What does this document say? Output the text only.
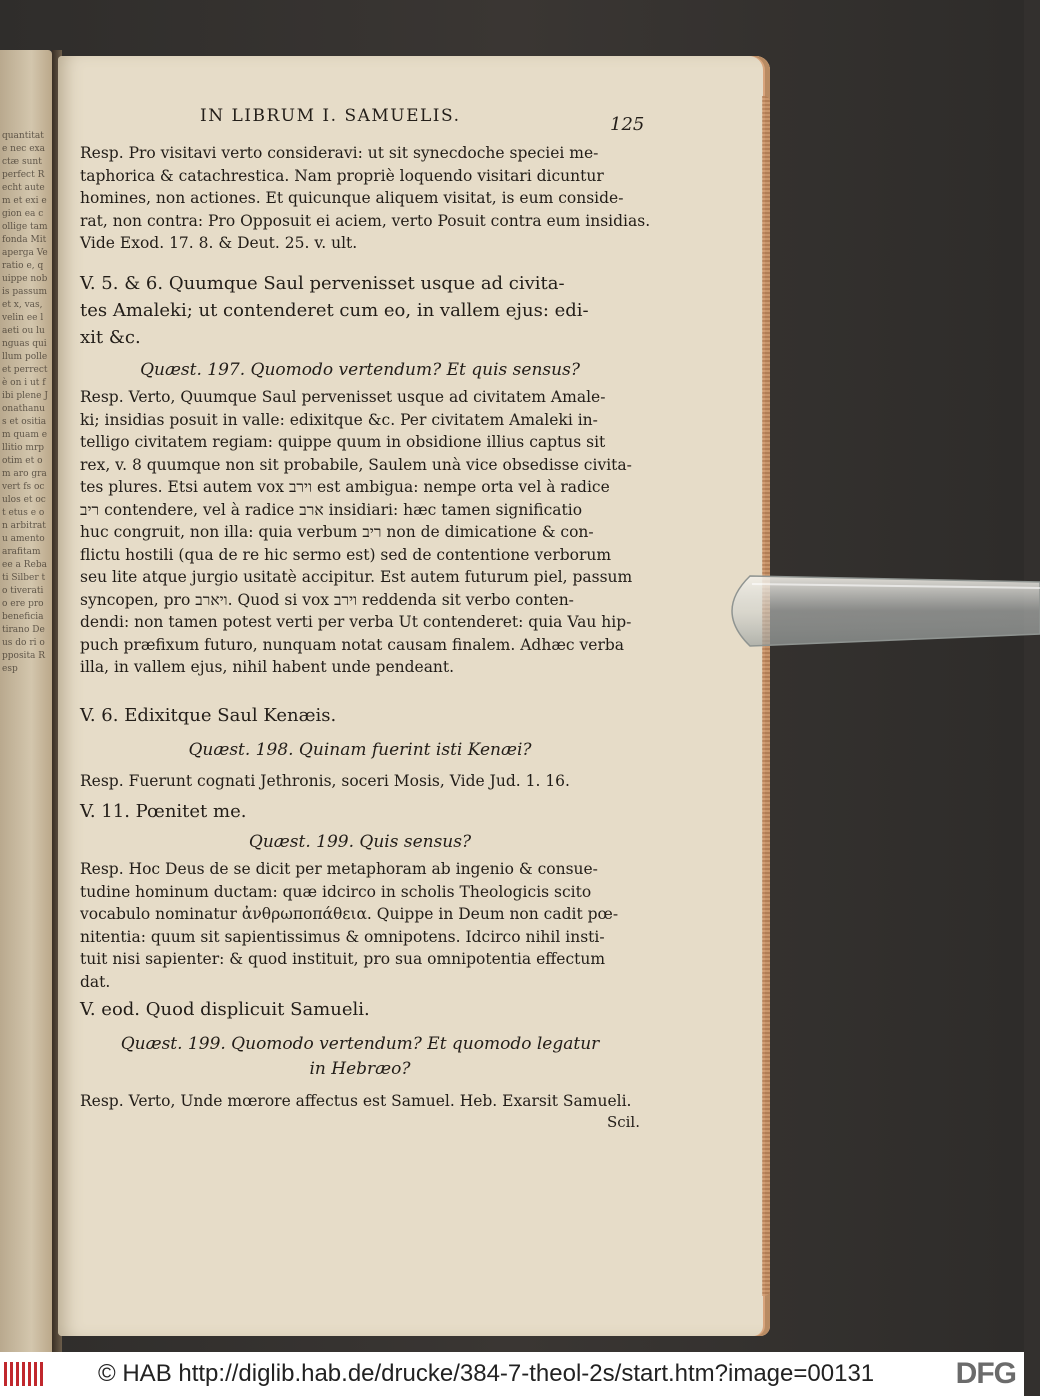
quantitate nec exactæ sunt perfect Recht autem et exi e gion ea collige tam fonda Mitaperga Veratio e, quippe nobis passum et x, vas, velin ee laeti ou lunguas quillum polle et perrectè on i ut fibi plene Jonathanus et ositiam quam ellitio mrpotim et om aro gravert fs oculos et oct etus e on arbitratu amento arafitam ee a Rebati Silber to tiveratio ere pro beneficia tirano Deus do ri opposita Resp
IN LIBRUM I. SAMUELIS.	125
Resp. Pro visitavi verto consideravi: ut sit synecdoche speciei me-
taphorica & catachrestica. Nam propriè loquendo visitari dicuntur
homines, non actiones. Et quicunque aliquem visitat, is eum conside-
rat, non contra: Pro Opposuit ei aciem, verto Posuit contra eum insidias.
Vide Exod. 17. 8. & Deut. 25. v. ult.
V. 5. & 6. Quumque Saul pervenisset usque ad civita-
tes Amaleki; ut contenderet cum eo, in vallem ejus: edi-
xit &c.
Quæst. 197. Quomodo vertendum? Et quis sensus?
Resp. Verto, Quumque Saul pervenisset usque ad civitatem Amale-
ki; insidias posuit in valle: edixitque &c. Per civitatem Amaleki in-
telligo civitatem regiam: quippe quum in obsidione illius captus sit
rex, v. 8 quumque non sit probabile, Saulem unà vice obsedisse civita-
tes plures. Etsi autem vox וירב est ambigua: nempe orta vel à radice
ריב contendere, vel à radice ארב insidiari: hæc tamen significatio
huc congruit, non illa: quia verbum ריב non de dimicatione & con-
flictu hostili (qua de re hic sermo est) sed de contentione verborum
seu lite atque jurgio usitatè accipitur. Est autem futurum piel, passum
syncopen, pro ויארב. Quod si vox וירב reddenda sit verbo conten-
dendi: non tamen potest verti per verba Ut contenderet: quia Vau hip-
puch præfixum futuro, nunquam notat causam finalem. Adhæc verba
illa, in vallem ejus, nihil habent unde pendeant.
V. 6. Edixitque Saul Kenæis.
Quæst. 198. Quinam fuerint isti Kenæi?
Resp. Fuerunt cognati Jethronis, soceri Mosis, Vide Jud. 1. 16.
V. 11. Pœnitet me.
Quæst. 199. Quis sensus?
Resp. Hoc Deus de se dicit per metaphoram ab ingenio & consue-
tudine hominum ductam: quæ idcirco in scholis Theologicis scito
vocabulo nominatur ἀνθρωποπάθεια. Quippe in Deum non cadit pœ-
nitentia: quum sit sapientissimus & omnipotens. Idcirco nihil insti-
tuit nisi sapienter: & quod instituit, pro sua omnipotentia effectum
dat.
V. eod. Quod displicuit Samueli.
Quæst. 199. Quomodo vertendum? Et quomodo legatur
in Hebræo?
Resp. Verto, Unde mœrore affectus est Samuel. Heb. Exarsit Samueli.
Scil.
© HAB http://diglib.hab.de/drucke/384-7-theol-2s/start.htm?image=00131	DFG
